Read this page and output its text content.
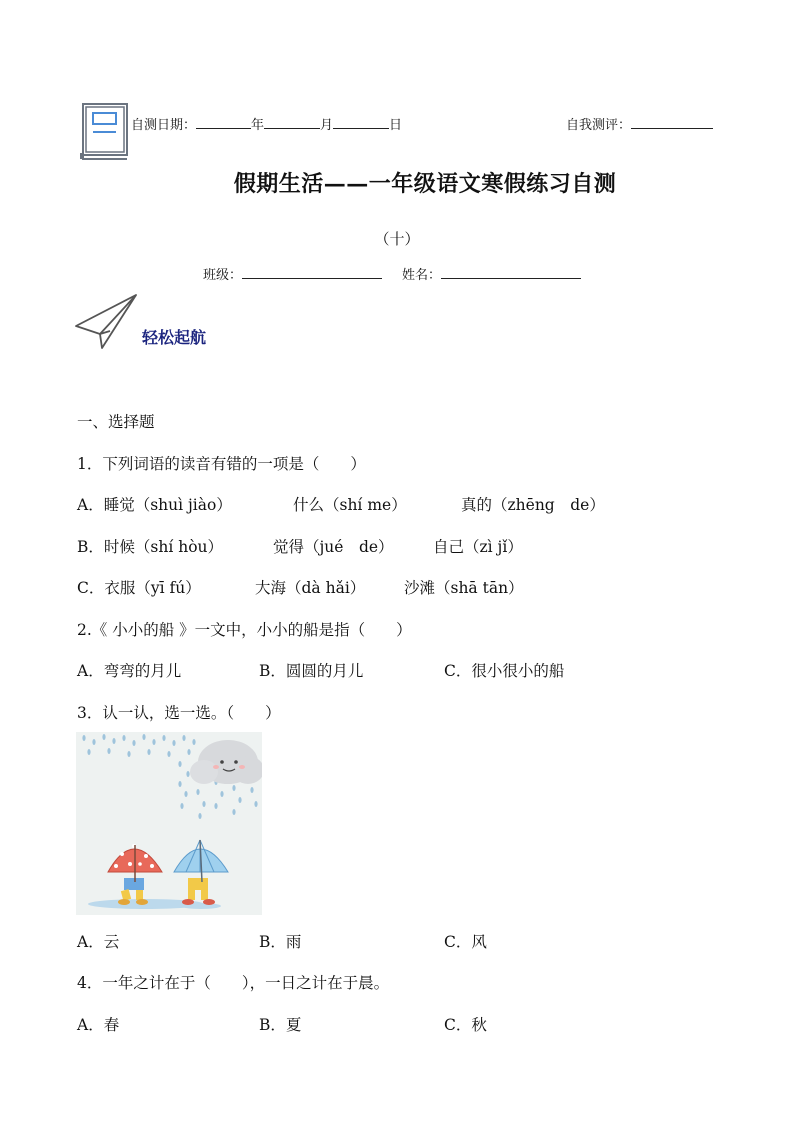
自测日期：	年	月	日	自我测评：
假期生活——一年级语文寒假练习自测
（十）
班级：	姓名：
轻松起航
一、选择题
1．下列词语的读音有错的一项是（　　）
A．睡觉（shuì jiào）	什么（shí me）	真的（zhēng　de）
B．时候（shí hòu）	觉得（jué　de）	自己（zì jǐ）
C．衣服（yī fú）	大海（dà hǎi） 沙滩（shā tān）
2.《 小小的船 》一文中，小小的船是指（　　）
A．弯弯的月儿	B．圆圆的月儿	C．很小很小的船
3．认一认，选一选。（　　）
A．云	B．雨	C．风
4．一年之计在于（　　），一日之计在于晨。
A．春	B．夏	C．秋
